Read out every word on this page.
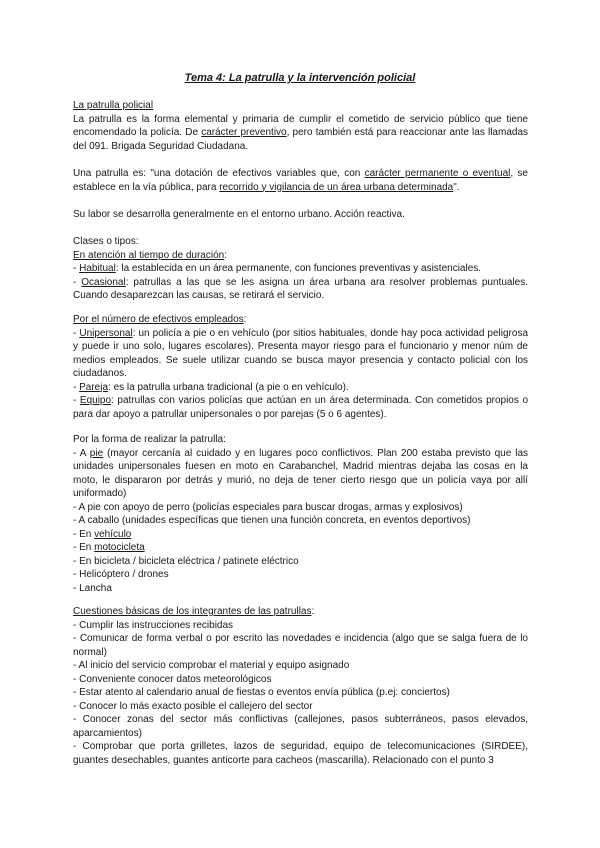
Tema 4: La patrulla y la intervención policial

La patrulla policial

La patrulla es la forma elemental y primaria de cumplir el cometido de servicio público que tiene encomendado la policía. De carácter preventivo, pero también está para reaccionar ante las llamadas del 091. Brigada Seguridad Ciudadana.

Una patrulla es: "una dotación de efectivos variables que, con carácter permanente o eventual, se establece en la vía pública, para recorrido y vigilancia de un área urbana determinada".
Su labor se desarrolla generalmente en el entorno urbano. Acción reactiva.

Clases o tipos:

En atención al tiempo de duración:

- Habitual: la establecida en un área permanente, con funciones preventivas y asistenciales.

- Ocasional: patrullas a las que se les asigna un área urbana ara resolver problemas puntuales. Cuando desaparezcan las causas, se retirará el servicio.

Por el número de efectivos empleados:

- Unipersonal: un policía a pie o en vehículo (por sitios habituales, donde hay poca actividad peligrosa y puede ir uno solo, lugares escolares). Presenta mayor riesgo para el funcionario y menor núm de medios empleados. Se suele utilizar cuando se busca mayor presencia y contacto policial con los ciudadanos.

- Pareja: es la patrulla urbana tradicional (a pie o en vehículo).

- Equipo: patrullas con varios policías que actúan en un área determinada. Con cometidos propios o para dar apoyo a patrullar unipersonales o por parejas (5 o 6 agentes).

Por la forma de realizar la patrulla:

- A pie (mayor cercanía al cuidado y en lugares poco conflictivos. Plan 200 estaba previsto que las unidades unipersonales fuesen en moto en Carabanchel, Madrid mientras dejaba las cosas en la moto, le dispararon por detrás y murió, no deja de tener cierto riesgo que un policía vaya por allí uniformado)

- A pie con apoyo de perro (policías especiales para buscar drogas, armas y explosivos)

- A caballo (unidades específicas que tienen una función concreta, en eventos deportivos)

- En vehículo

- En motocicleta

- En bicicleta / bicicleta eléctrica / patinete eléctrico

- Helicóptero / drones

- Lancha

Cuestiones básicas de los integrantes de las patrullas:

- Cumplir las instrucciones recibidas

- Comunicar de forma verbal o por escrito las novedades e incidencia (algo que se salga fuera de lo normal)

- Al inicio del servicio comprobar el material y equipo asignado

- Conveniente conocer datos meteorológicos

- Estar atento al calendario anual de fiestas o eventos envía pública (p.ej: conciertos)

- Conocer lo más exacto posible el callejero del sector

- Conocer zonas del sector más conflictivas (callejones, pasos subterráneos, pasos elevados, aparcamientos)

- Comprobar que porta grilletes, lazos de seguridad, equipo de telecomunicaciones (SIRDEE), guantes desechables, guantes anticorte para cacheos (mascarilla). Relacionado con el punto 3
